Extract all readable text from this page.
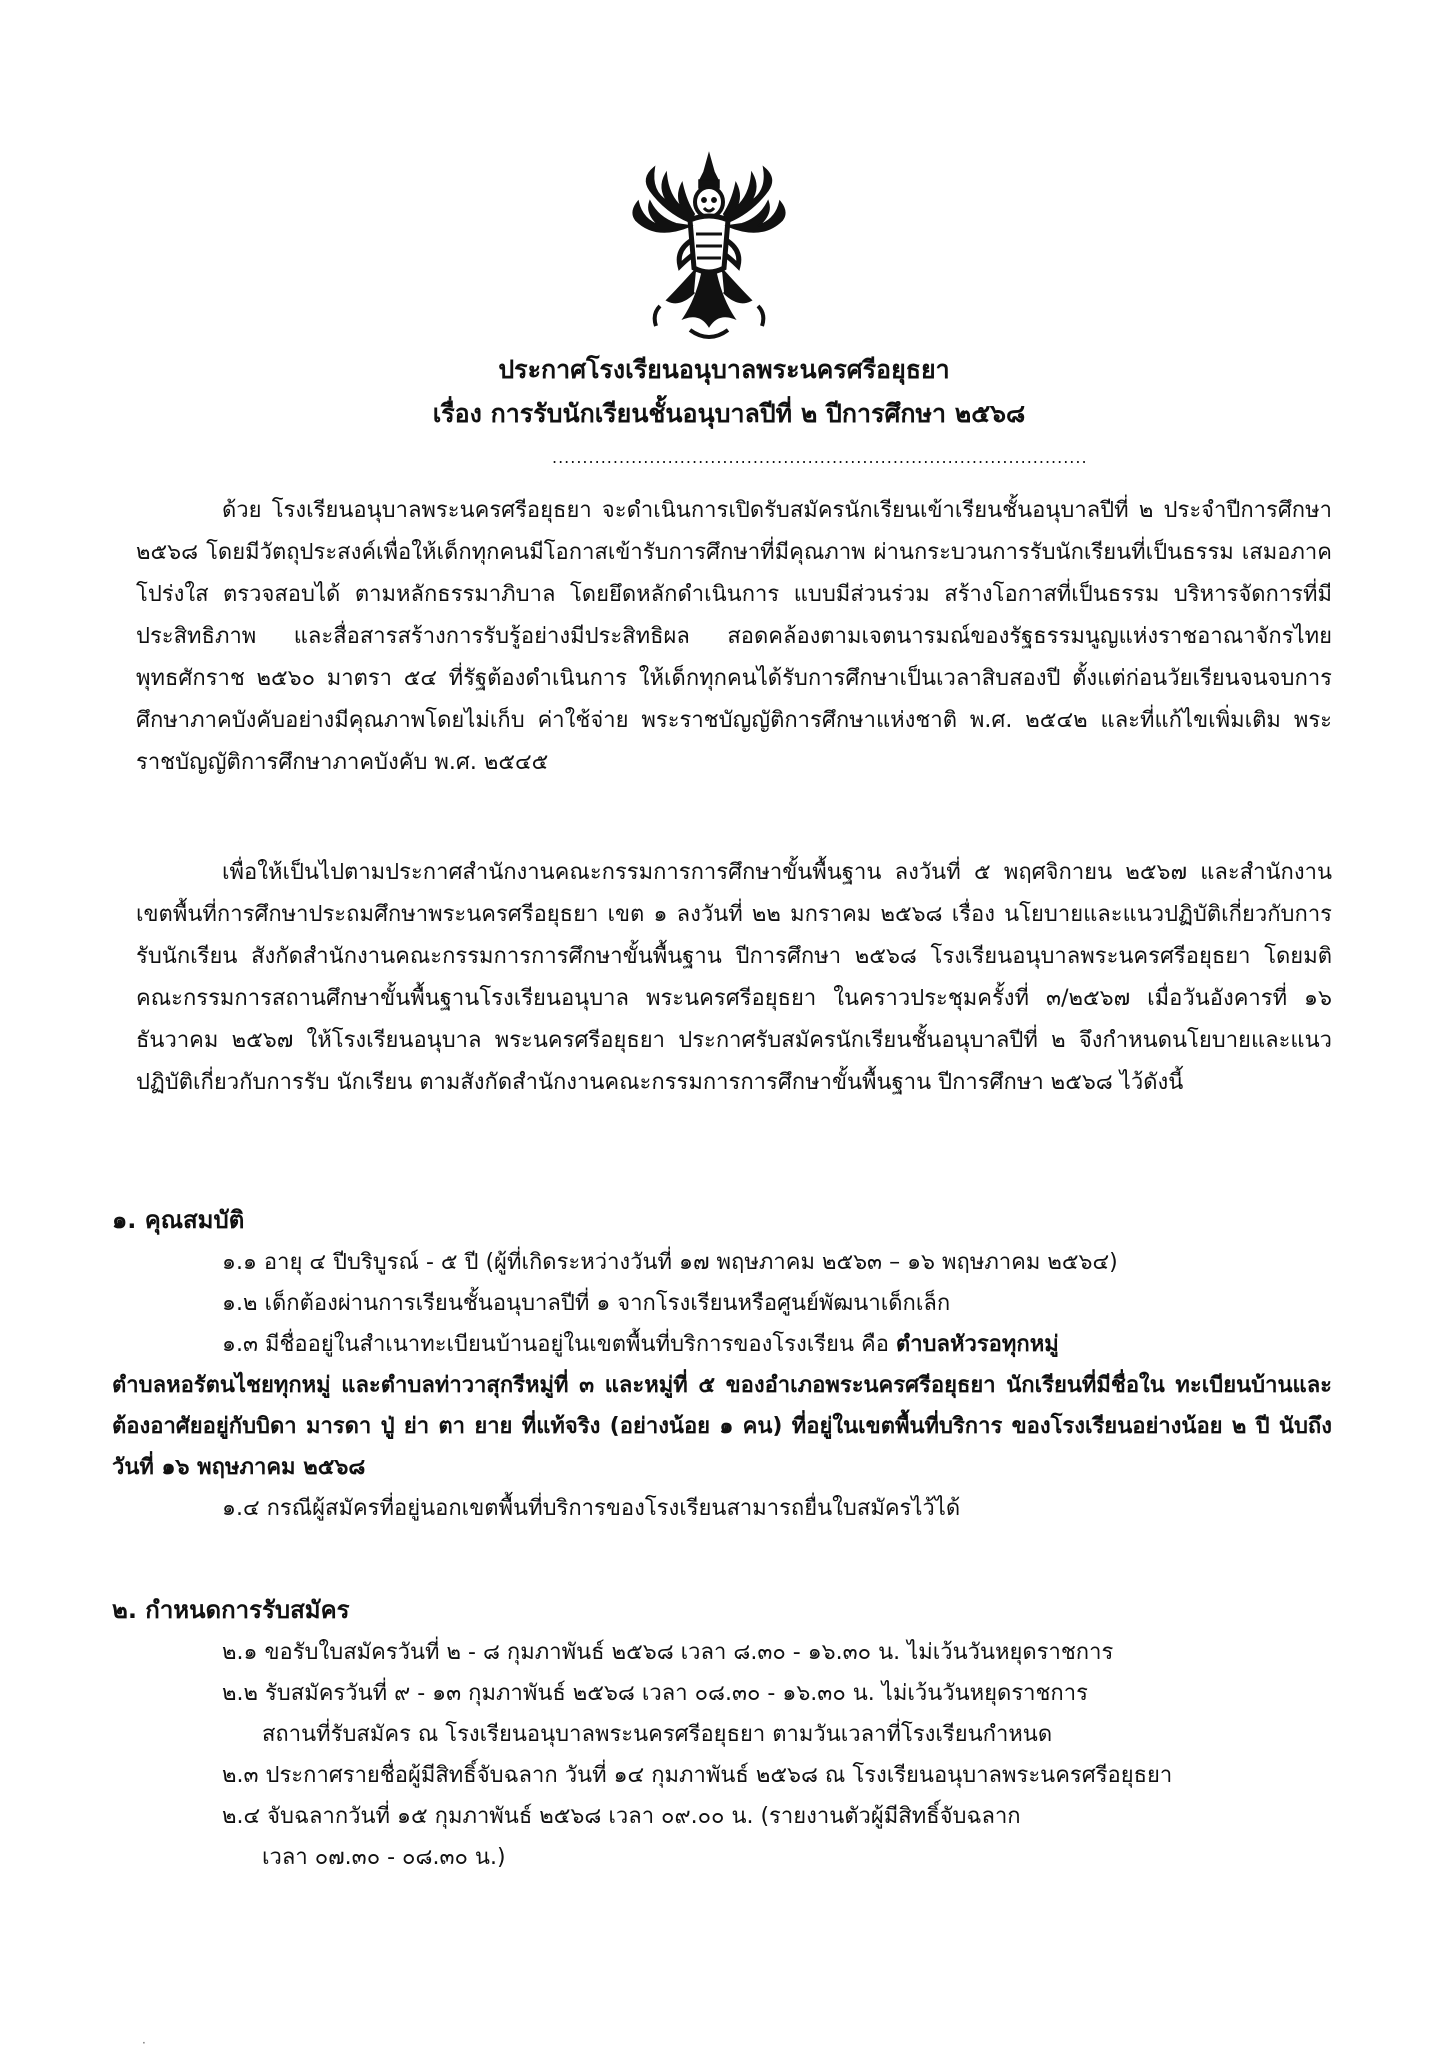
ประกาศโรงเรียนอนุบาลพระนครศรีอยุธยา
เรื่อง การรับนักเรียนชั้นอนุบาลปีที่ ๒ ปีการศึกษา ๒๕๖๘
........................................................................................

ด้วย โรงเรียนอนุบาลพระนครศรีอยุธยา จะดำเนินการเปิดรับสมัครนักเรียนเข้าเรียนชั้นอนุบาลปีที่ ๒ ประจำปีการศึกษา ๒๕๖๘ โดยมีวัตถุประสงค์เพื่อให้เด็กทุกคนมีโอกาสเข้ารับการศึกษาที่มีคุณภาพ ผ่านกระบวนการรับนักเรียนที่เป็นธรรม เสมอภาค โปร่งใส ตรวจสอบได้ ตามหลักธรรมาภิบาล โดยยึดหลักดำเนินการ แบบมีส่วนร่วม สร้างโอกาสที่เป็นธรรม บริหารจัดการที่มีประสิทธิภาพ และสื่อสารสร้างการรับรู้อย่างมีประสิทธิผล สอดคล้องตามเจตนารมณ์ของรัฐธรรมนูญแห่งราชอาณาจักรไทย พุทธศักราช ๒๕๖๐ มาตรา ๕๔ ที่รัฐต้องดำเนินการ ให้เด็กทุกคนได้รับการศึกษาเป็นเวลาสิบสองปี ตั้งแต่ก่อนวัยเรียนจนจบการศึกษาภาคบังคับอย่างมีคุณภาพโดยไม่เก็บ ค่าใช้จ่าย พระราชบัญญัติการศึกษาแห่งชาติ พ.ศ. ๒๕๔๒ และที่แก้ไขเพิ่มเติม พระราชบัญญัติการศึกษาภาคบังคับ พ.ศ. ๒๕๔๕

เพื่อให้เป็นไปตามประกาศสำนักงานคณะกรรมการการศึกษาขั้นพื้นฐาน ลงวันที่ ๕ พฤศจิกายน ๒๕๖๗ และสำนักงานเขตพื้นที่การศึกษาประถมศึกษาพระนครศรีอยุธยา เขต ๑ ลงวันที่ ๒๒ มกราคม ๒๕๖๘ เรื่อง นโยบายและแนวปฏิบัติเกี่ยวกับการรับนักเรียน สังกัดสำนักงานคณะกรรมการการศึกษาขั้นพื้นฐาน ปีการศึกษา ๒๕๖๘ โรงเรียนอนุบาลพระนครศรีอยุธยา โดยมติคณะกรรมการสถานศึกษาขั้นพื้นฐานโรงเรียนอนุบาล พระนครศรีอยุธยา ในคราวประชุมครั้งที่ ๓/๒๕๖๗ เมื่อวันอังคารที่ ๑๖ ธันวาคม ๒๕๖๗ ให้โรงเรียนอนุบาล พระนครศรีอยุธยา ประกาศรับสมัครนักเรียนชั้นอนุบาลปีที่ ๒ จึงกำหนดนโยบายและแนวปฏิบัติเกี่ยวกับการรับ นักเรียน ตามสังกัดสำนักงานคณะกรรมการการศึกษาขั้นพื้นฐาน ปีการศึกษา ๒๕๖๘ ไว้ดังนี้

๑. คุณสมบัติ
๑.๑ อายุ ๔ ปีบริบูรณ์ - ๕ ปี (ผู้ที่เกิดระหว่างวันที่ ๑๗ พฤษภาคม ๒๕๖๓ – ๑๖ พฤษภาคม ๒๕๖๔)
๑.๒ เด็กต้องผ่านการเรียนชั้นอนุบาลปีที่ ๑ จากโรงเรียนหรือศูนย์พัฒนาเด็กเล็ก
๑.๓ มีชื่ออยู่ในสำเนาทะเบียนบ้านอยู่ในเขตพื้นที่บริการของโรงเรียน คือ ตำบลหัวรอทุกหมู่
ตำบลหอรัตนไชยทุกหมู่ และตำบลท่าวาสุกรีหมู่ที่ ๓ และหมู่ที่ ๕ ของอำเภอพระนครศรีอยุธยา นักเรียนที่มีชื่อใน ทะเบียนบ้านและต้องอาศัยอยู่กับบิดา มารดา ปู่ ย่า ตา ยาย ที่แท้จริง (อย่างน้อย ๑ คน) ที่อยู่ในเขตพื้นที่บริการ ของโรงเรียนอย่างน้อย ๒ ปี นับถึงวันที่ ๑๖ พฤษภาคม ๒๕๖๘
๑.๔ กรณีผู้สมัครที่อยู่นอกเขตพื้นที่บริการของโรงเรียนสามารถยื่นใบสมัครไว้ได้
๒. กำหนดการรับสมัคร
๒.๑ ขอรับใบสมัครวันที่ ๒ - ๘ กุมภาพันธ์ ๒๕๖๘ เวลา ๘.๓๐ - ๑๖.๓๐ น. ไม่เว้นวันหยุดราชการ
๒.๒ รับสมัครวันที่ ๙ - ๑๓ กุมภาพันธ์ ๒๕๖๘ เวลา ๐๘.๓๐ - ๑๖.๓๐ น. ไม่เว้นวันหยุดราชการ
สถานที่รับสมัคร ณ โรงเรียนอนุบาลพระนครศรีอยุธยา ตามวันเวลาที่โรงเรียนกำหนด
๒.๓ ประกาศรายชื่อผู้มีสิทธิ์จับฉลาก วันที่ ๑๔ กุมภาพันธ์ ๒๕๖๘ ณ โรงเรียนอนุบาลพระนครศรีอยุธยา
๒.๔ จับฉลากวันที่ ๑๕ กุมภาพันธ์ ๒๕๖๘ เวลา ๐๙.๐๐ น. (รายงานตัวผู้มีสิทธิ์จับฉลาก
เวลา ๐๗.๓๐ - ๐๘.๓๐ น.)
·
